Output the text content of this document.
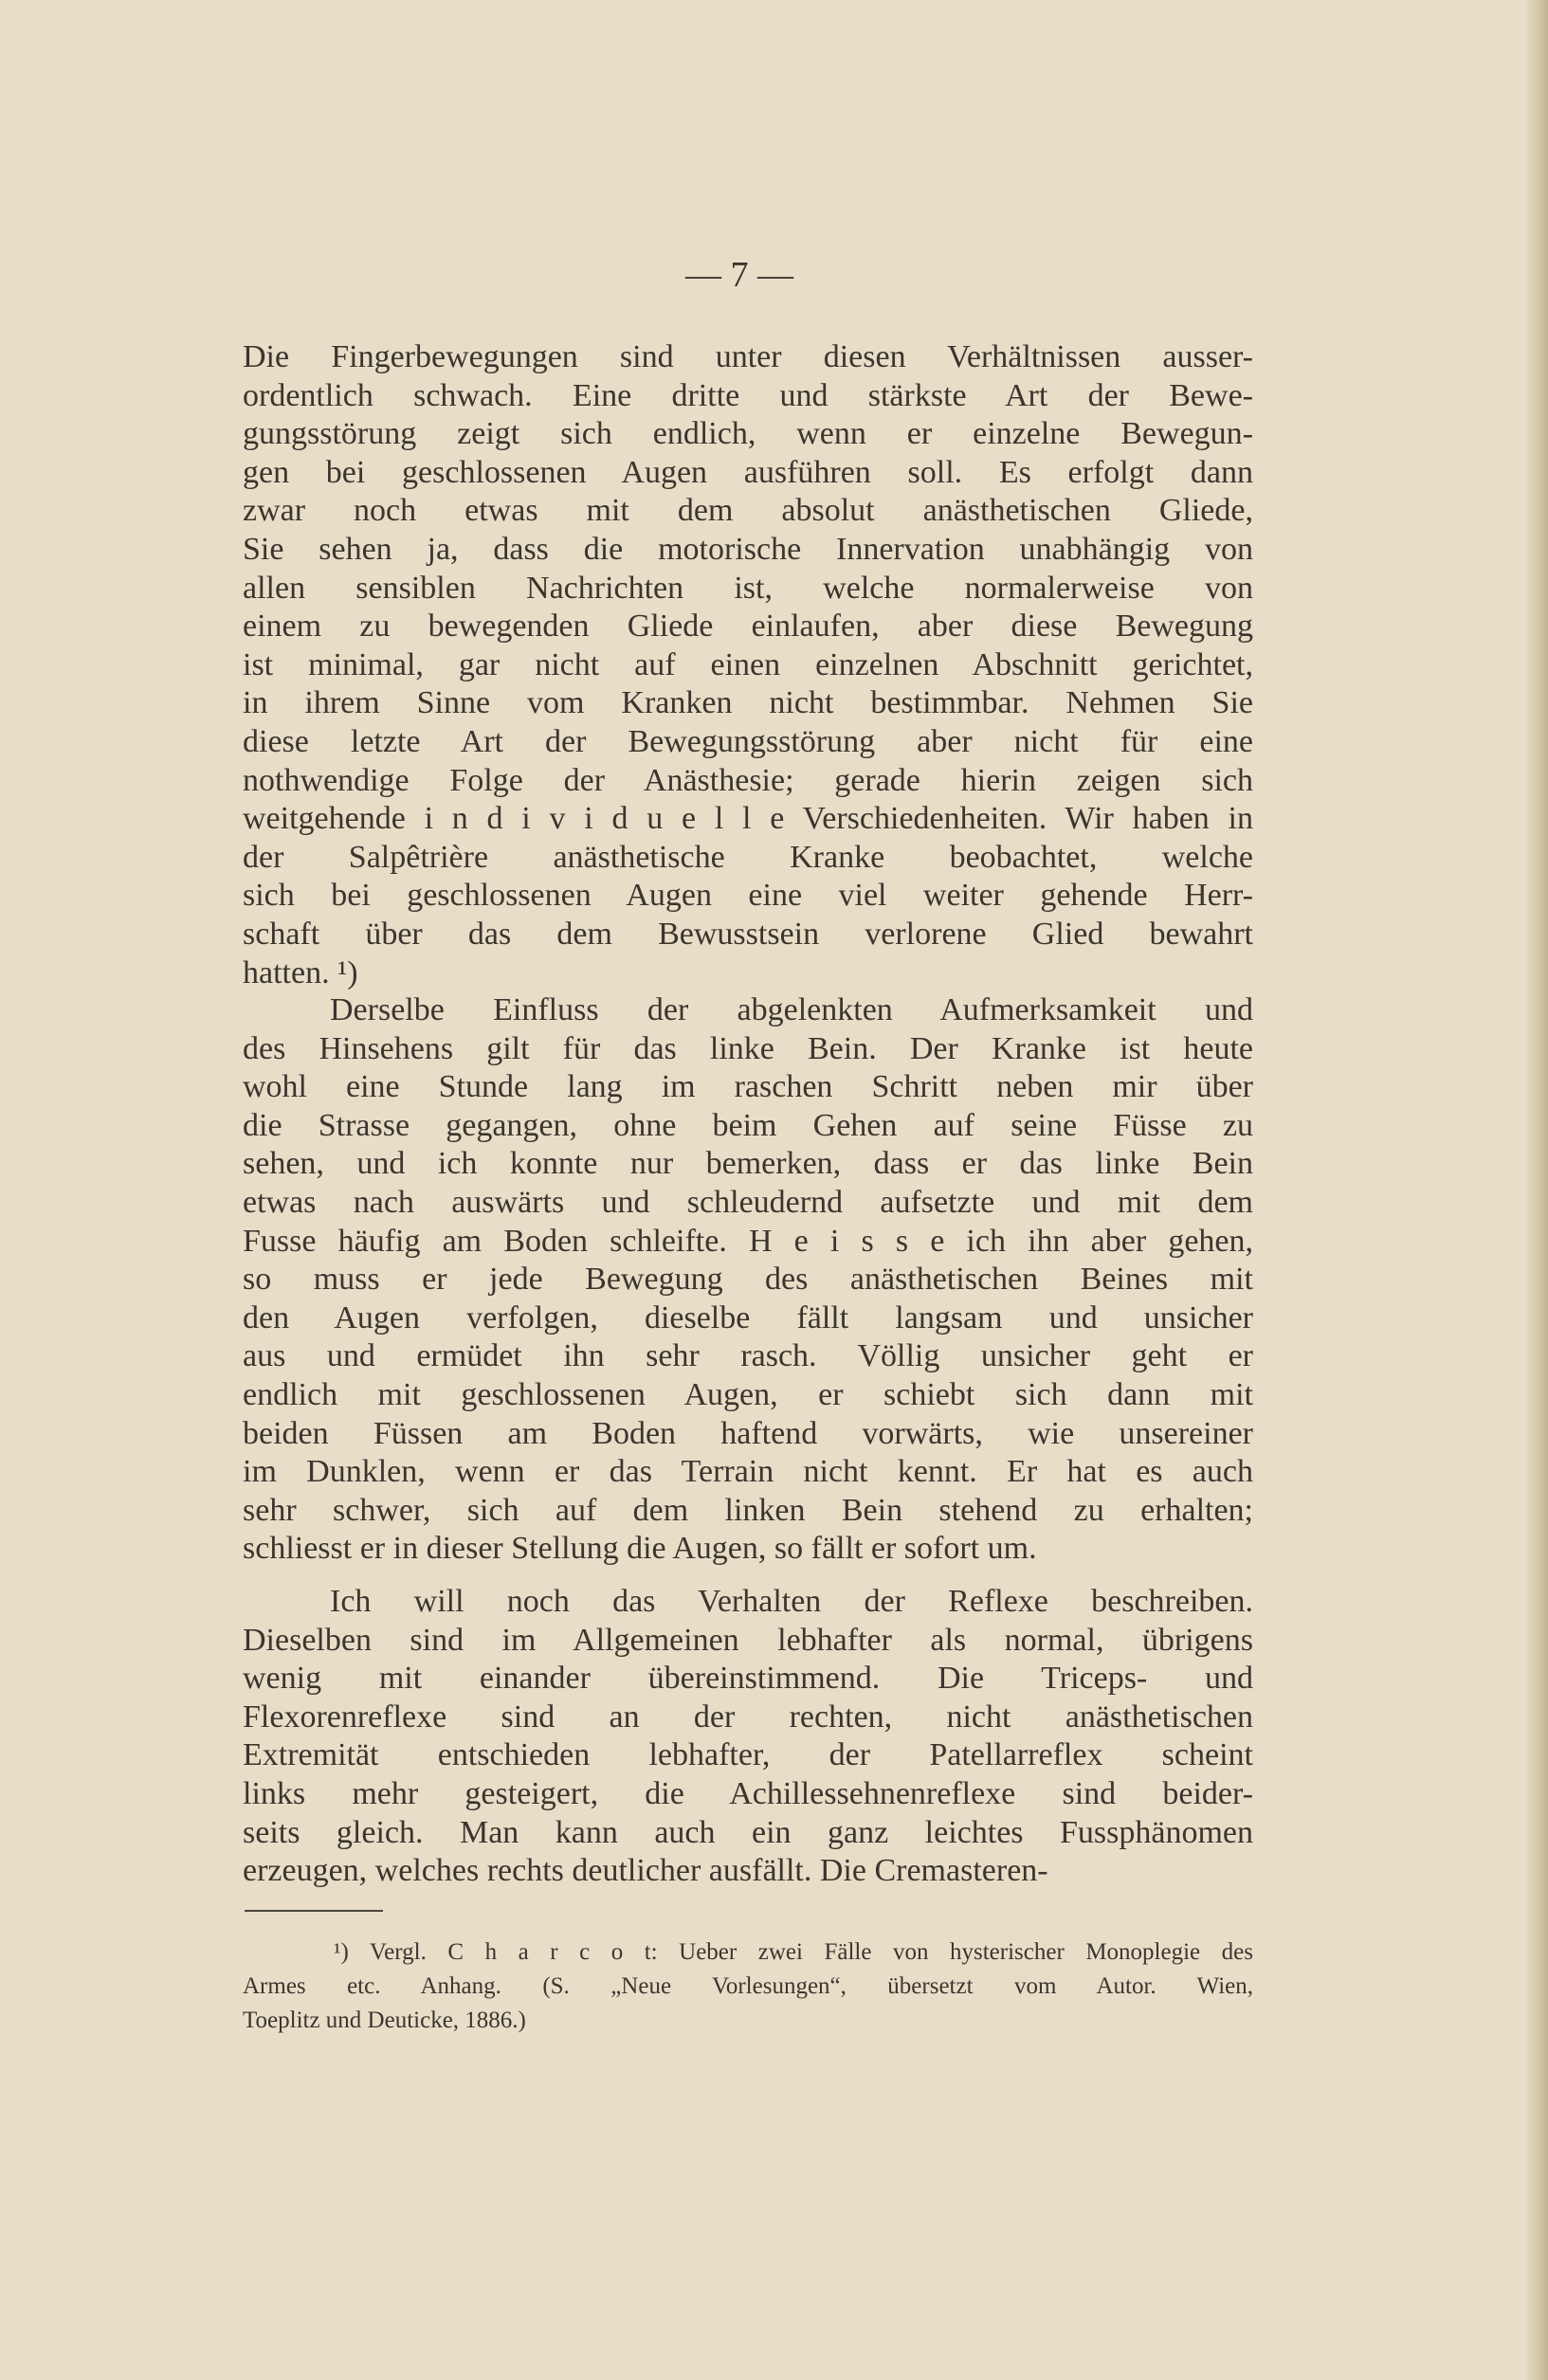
— 7 —
Die Fingerbewegungen sind unter diesen Verhältnissen ausser-
ordentlich schwach. Eine dritte und stärkste Art der Bewe-
gungsstörung zeigt sich endlich, wenn er einzelne Bewegun-
gen bei geschlossenen Augen ausführen soll. Es erfolgt dann
zwar noch etwas mit dem absolut anästhetischen Gliede,
Sie sehen ja, dass die motorische Innervation unabhängig von
allen sensiblen Nachrichten ist, welche normalerweise von
einem zu bewegenden Gliede einlaufen, aber diese Bewegung
ist minimal, gar nicht auf einen einzelnen Abschnitt gerichtet,
in ihrem Sinne vom Kranken nicht bestimmbar. Nehmen Sie
diese letzte Art der Bewegungsstörung aber nicht für eine
nothwendige Folge der Anästhesie; gerade hierin zeigen sich
weitgehende i n d i v i d u e l l e Verschiedenheiten. Wir haben in
der Salpêtrière anästhetische Kranke beobachtet, welche
sich bei geschlossenen Augen eine viel weiter gehende Herr-
schaft über das dem Bewusstsein verlorene Glied bewahrt
hatten. ¹)
Derselbe Einfluss der abgelenkten Aufmerksamkeit und
des Hinsehens gilt für das linke Bein. Der Kranke ist heute
wohl eine Stunde lang im raschen Schritt neben mir über
die Strasse gegangen, ohne beim Gehen auf seine Füsse zu
sehen, und ich konnte nur bemerken, dass er das linke Bein
etwas nach auswärts und schleudernd aufsetzte und mit dem
Fusse häufig am Boden schleifte. H e i s s e ich ihn aber gehen,
so muss er jede Bewegung des anästhetischen Beines mit
den Augen verfolgen, dieselbe fällt langsam und unsicher
aus und ermüdet ihn sehr rasch. Völlig unsicher geht er
endlich mit geschlossenen Augen, er schiebt sich dann mit
beiden Füssen am Boden haftend vorwärts, wie unsereiner
im Dunklen, wenn er das Terrain nicht kennt. Er hat es auch
sehr schwer, sich auf dem linken Bein stehend zu erhalten;
schliesst er in dieser Stellung die Augen, so fällt er sofort um.
Ich will noch das Verhalten der Reflexe beschreiben.
Dieselben sind im Allgemeinen lebhafter als normal, übrigens
wenig mit einander übereinstimmend. Die Triceps- und
Flexorenreflexe sind an der rechten, nicht anästhetischen
Extremität entschieden lebhafter, der Patellarreflex scheint
links mehr gesteigert, die Achillessehnenreflexe sind beider-
seits gleich. Man kann auch ein ganz leichtes Fussphänomen
erzeugen, welches rechts deutlicher ausfällt. Die Cremasteren-
¹) Vergl. C h a r c o t: Ueber zwei Fälle von hysterischer Monoplegie des
Armes etc. Anhang. (S. „Neue Vorlesungen“, übersetzt vom Autor. Wien,
Toeplitz und Deuticke, 1886.)
